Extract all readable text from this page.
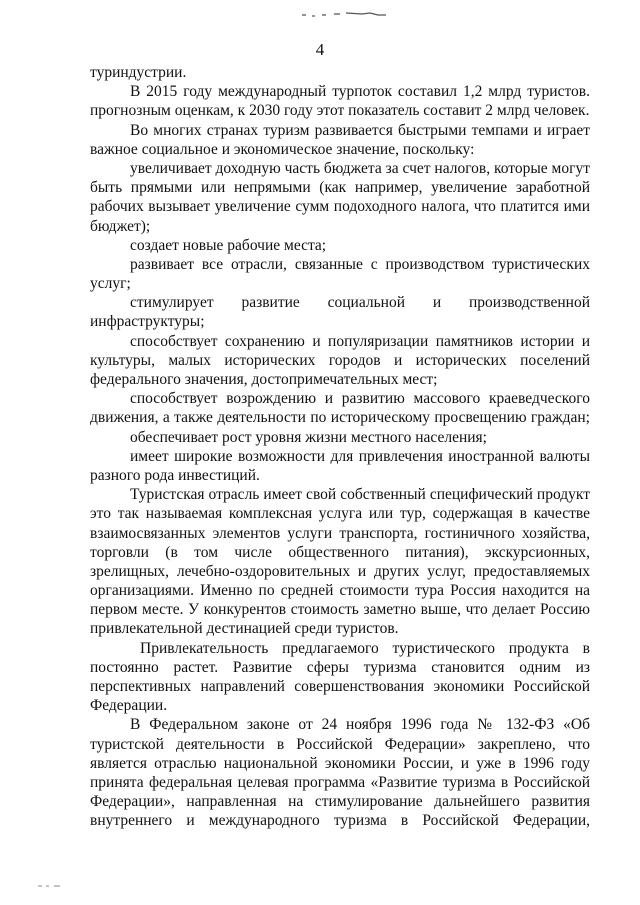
4
туриндустрии.
В 2015 году международный турпоток составил 1,2 млрд туристов.
прогнозным оценкам, к 2030 году этот показатель составит 2 млрд человек.
Во многих странах туризм развивается быстрыми темпами и играет
важное социальное и экономическое значение, поскольку:
увеличивает доходную часть бюджета за счет налогов, которые могут
быть прямыми или непрямыми (как например, увеличение заработной
рабочих вызывает увеличение сумм подоходного налога, что платится ими
бюджет);
создает новые рабочие места;
развивает все отрасли, связанные с производством туристических
услуг;
стимулирует развитие социальной и производственной
инфраструктуры;
способствует сохранению и популяризации памятников истории и
культуры, малых исторических городов и исторических поселений
федерального значения, достопримечательных мест;
способствует возрождению и развитию массового краеведческого
движения, а также деятельности по историческому просвещению граждан;
обеспечивает рост уровня жизни местного населения;
имеет широкие возможности для привлечения иностранной валюты
разного рода инвестиций.
Туристская отрасль имеет свой собственный специфический продукт
это так называемая комплексная услуга или тур, содержащая в качестве
взаимосвязанных элементов услуги транспорта, гостиничного хозяйства,
торговли (в том числе общественного питания), экскурсионных,
зрелищных, лечебно-оздоровительных и других услуг, предоставляемых
организациями. Именно по средней стоимости тура Россия находится на
первом месте. У конкурентов стоимость заметно выше, что делает Россию
привлекательной дестинацией среди туристов.
Привлекательность предлагаемого туристического продукта в
постоянно растет. Развитие сферы туризма становится одним из
перспективных направлений совершенствования экономики Российской
Федерации.
В Федеральном законе от 24 ноября 1996 года № 132-ФЗ «Об
туристской деятельности в Российской Федерации» закреплено, что
является отраслью национальной экономики России, и уже в 1996 году
принята федеральная целевая программа «Развитие туризма в Российской
Федерации», направленная на стимулирование дальнейшего развития
внутреннего и международного туризма в Российской Федерации,
